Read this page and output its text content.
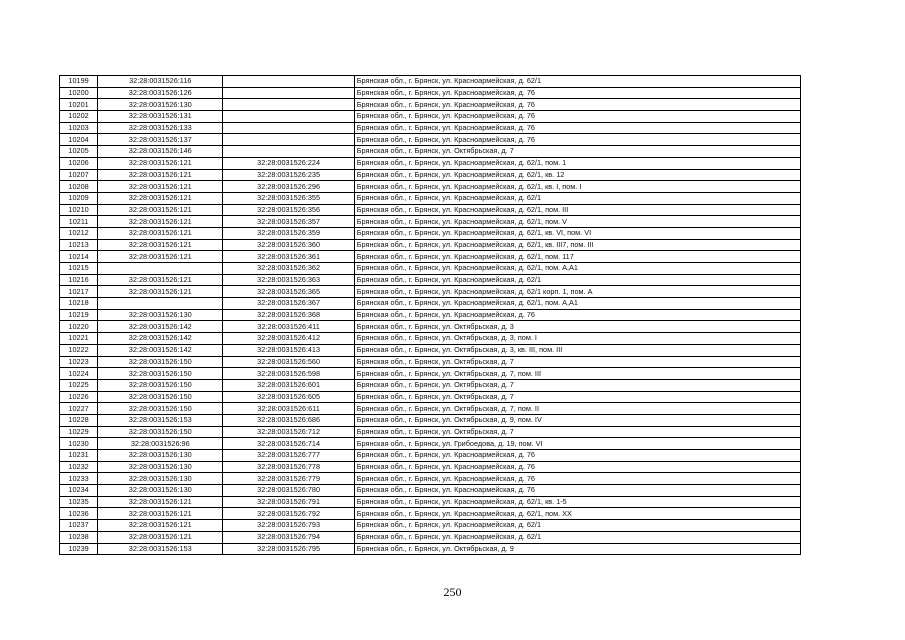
10199	32:28:0031526:116		Брянская обл., г. Брянск, ул. Красноармейская, д. 62/1
10200	32:28:0031526:126		Брянская обл., г. Брянск, ул. Красноармейская, д. 76
10201	32:28:0031526:130		Брянская обл., г. Брянск, ул. Красноармейская, д. 76
10202	32:28:0031526:131		Брянская обл., г. Брянск, ул. Красноармейская, д. 76
10203	32:28:0031526:133		Брянская обл., г. Брянск, ул. Красноармейская, д. 76
10204	32:28:0031526:137		Брянская обл., г. Брянск, ул. Красноармейская, д. 76
10205	32:28:0031526:146		Брянская обл., г. Брянск, ул. Октябрьская, д. 7
10206	32:28:0031526:121	32:28:0031526:224	Брянская обл., г. Брянск, ул. Красноармейская, д. 62/1, пом. 1
10207	32:28:0031526:121	32:28:0031526:235	Брянская обл., г. Брянск, ул. Красноармейская, д. 62/1, кв. 12
10208	32:28:0031526:121	32:28:0031526:296	Брянская обл., г. Брянск, ул. Красноармейская, д. 62/1, кв. I, пом. I
10209	32:28:0031526:121	32:28:0031526:355	Брянская обл., г. Брянск, ул. Красноармейская, д. 62/1
10210	32:28:0031526:121	32:28:0031526:356	Брянская обл., г. Брянск, ул. Красноармейская, д. 62/1, пом. III
10211	32:28:0031526:121	32:28:0031526:357	Брянская обл., г. Брянск, ул. Красноармейская, д. 62/1, пом. V
10212	32:28:0031526:121	32:28:0031526:359	Брянская обл., г. Брянск, ул. Красноармейская, д. 62/1, кв. VI, пом. VI
10213	32:28:0031526:121	32:28:0031526:360	Брянская обл., г. Брянск, ул. Красноармейская, д. 62/1, кв. III7, пом. III
10214	32:28:0031526:121	32:28:0031526:361	Брянская обл., г. Брянск, ул. Красноармейская, д. 62/1, пом. 117
10215		32:28:0031526:362	Брянская обл., г. Брянск, ул. Красноармейская, д. 62/1, пом. А,А1
10216	32:28:0031526:121	32:28:0031526:363	Брянская обл., г. Брянск, ул. Красноармейская, д. 62/1
10217	32:28:0031526:121	32:28:0031526:365	Брянская обл., г. Брянск, ул. Красноармейская, д. 62/1 корп. 1, пом. А
10218		32:28:0031526:367	Брянская обл., г. Брянск, ул. Красноармейская, д. 62/1, пом. А,А1
10219	32:28:0031526:130	32:28:0031526:368	Брянская обл., г. Брянск, ул. Красноармейская, д. 76
10220	32:28:0031526:142	32:28:0031526:411	Брянская обл., г. Брянск, ул. Октябрьская, д. 3
10221	32:28:0031526:142	32:28:0031526:412	Брянская обл., г. Брянск, ул. Октябрьская, д. 3, пом. I
10222	32:28:0031526:142	32:28:0031526:413	Брянская обл., г. Брянск, ул. Октябрьская, д. 3, кв. III, пом. III
10223	32:28:0031526:150	32:28:0031526:560	Брянская обл., г. Брянск, ул. Октябрьская, д. 7
10224	32:28:0031526:150	32:28:0031526:598	Брянская обл., г. Брянск, ул. Октябрьская, д. 7, пом. III
10225	32:28:0031526:150	32:28:0031526:601	Брянская обл., г. Брянск, ул. Октябрьская, д. 7
10226	32:28:0031526:150	32:28:0031526:605	Брянская обл., г. Брянск, ул. Октябрьская, д. 7
10227	32:28:0031526:150	32:28:0031526:611	Брянская обл., г. Брянск, ул. Октябрьская, д. 7, пом. II
10228	32:28:0031526:153	32:28:0031526:686	Брянская обл., г. Брянск, ул. Октябрьская, д. 9, пом. IV
10229	32:28:0031526:150	32:28:0031526:712	Брянская обл., г. Брянск, ул. Октябрьская, д. 7
10230	32:28:0031526:96	32:28:0031526:714	Брянская обл., г. Брянск, ул. Грибоедова, д. 19, пом. VI
10231	32:28:0031526:130	32:28:0031526:777	Брянская обл., г. Брянск, ул. Красноармейская, д. 76
10232	32:28:0031526:130	32:28:0031526:778	Брянская обл., г. Брянск, ул. Красноармейская, д. 76
10233	32:28:0031526:130	32:28:0031526:779	Брянская обл., г. Брянск, ул. Красноармейская, д. 76
10234	32:28:0031526:130	32:28:0031526:780	Брянская обл., г. Брянск, ул. Красноармейская, д. 76
10235	32:28:0031526:121	32:28:0031526:791	Брянская обл., г. Брянск, ул. Красноармейская, д. 62/1, кв. 1-5
10236	32:28:0031526:121	32:28:0031526:792	Брянская обл., г. Брянск, ул. Красноармейская, д. 62/1, пом. XX
10237	32:28:0031526:121	32:28:0031526:793	Брянская обл., г. Брянск, ул. Красноармейская, д. 62/1
10238	32:28:0031526:121	32:28:0031526:794	Брянская обл., г. Брянск, ул. Красноармейская, д. 62/1
10239	32:28:0031526:153	32:28:0031526:795	Брянская обл., г. Брянск, ул. Октябрьская, д. 9
250
